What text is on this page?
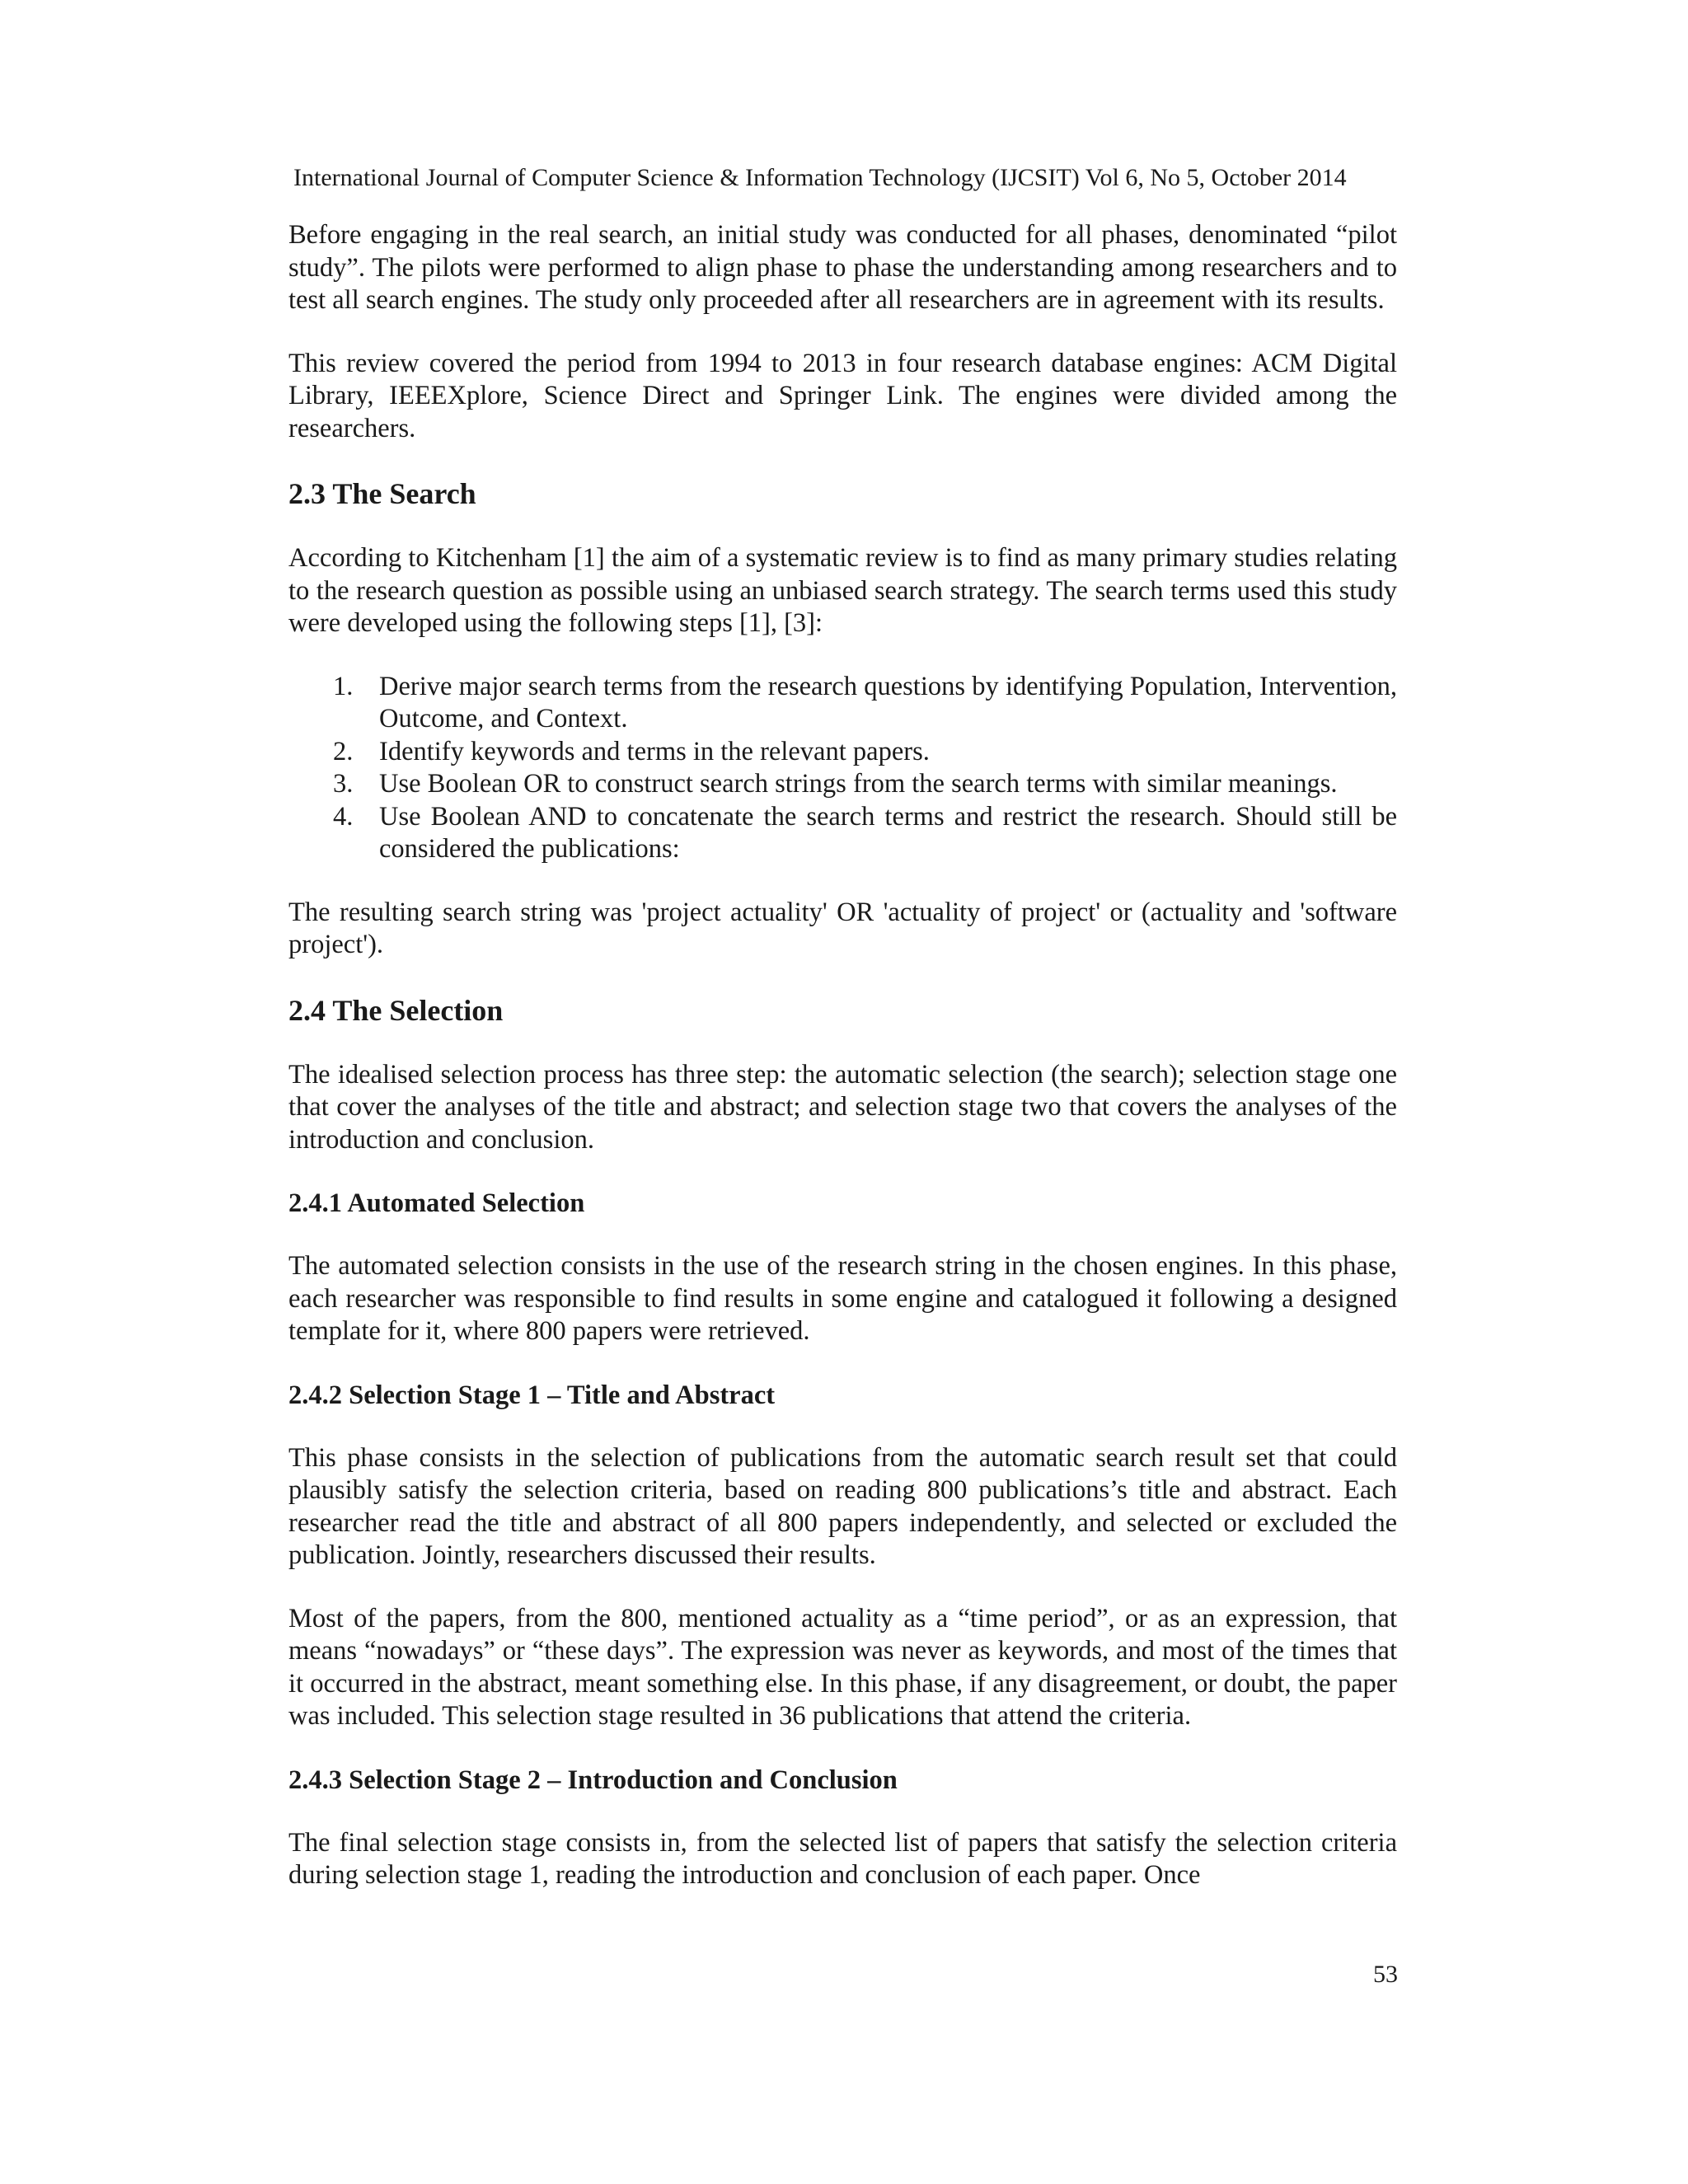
International Journal of Computer Science & Information Technology (IJCSIT) Vol 6, No 5, October 2014

Before engaging in the real search, an initial study was conducted for all phases, denominated “pilot study”. The pilots were performed to align phase to phase the understanding among researchers and to test all search engines. The study only proceeded after all researchers are in agreement with its results.

This review covered the period from 1994 to 2013 in four research database engines: ACM Digital Library, IEEEXplore, Science Direct and Springer Link. The engines were divided among the researchers.

2.3 The Search

According to Kitchenham [1] the aim of a systematic review is to find as many primary studies relating to the research question as possible using an unbiased search strategy. The search terms used this study were developed using the following steps [1], [3]:

1. Derive major search terms from the research questions by identifying Population, Intervention, Outcome, and Context.
2. Identify keywords and terms in the relevant papers.
3. Use Boolean OR to construct search strings from the search terms with similar meanings.
4. Use Boolean AND to concatenate the search terms and restrict the research. Should still be considered the publications:

The resulting search string was 'project actuality' OR 'actuality of project' or (actuality and 'software project').

2.4 The Selection

The idealised selection process has three step: the automatic selection (the search); selection stage one that cover the analyses of the title and abstract; and selection stage two that covers the analyses of the introduction and conclusion.

2.4.1 Automated Selection

The automated selection consists in the use of the research string in the chosen engines. In this phase, each researcher was responsible to find results in some engine and catalogued it following a designed template for it, where 800 papers were retrieved.

2.4.2 Selection Stage 1 – Title and Abstract

This phase consists in the selection of publications from the automatic search result set that could plausibly satisfy the selection criteria, based on reading 800 publications’s title and abstract. Each researcher read the title and abstract of all 800 papers independently, and selected or excluded the publication. Jointly, researchers discussed their results.

Most of the papers, from the 800, mentioned actuality as a “time period”, or as an expression, that means “nowadays” or “these days”. The expression was never as keywords, and most of the times that it occurred in the abstract, meant something else. In this phase, if any disagreement, or doubt, the paper was included. This selection stage resulted in 36 publications that attend the criteria.

2.4.3 Selection Stage 2 – Introduction and Conclusion

The final selection stage consists in, from the selected list of papers that satisfy the selection criteria during selection stage 1, reading the introduction and conclusion of each paper. Once

53
